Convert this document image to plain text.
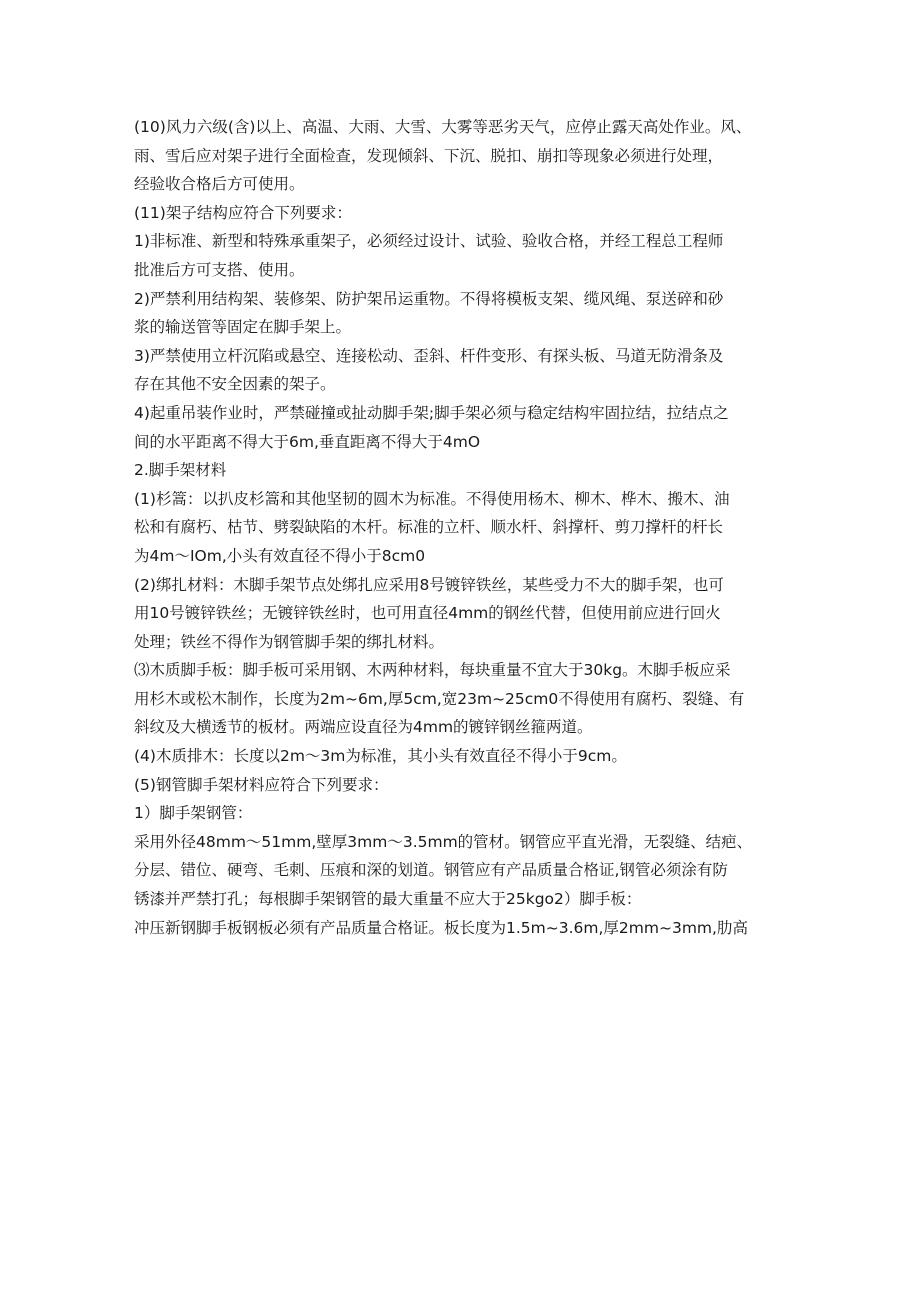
(10)风力六级(含)以上、高温、大雨、大雪、大雾等恶劣天气，应停止露天高处作业。风、
雨、雪后应对架子进行全面检查，发现倾斜、下沉、脱扣、崩扣等现象必须进行处理，
经验收合格后方可使用。
(11)架子结构应符合下列要求：
1)非标准、新型和特殊承重架子，必须经过设计、试验、验收合格，并经工程总工程师
批准后方可支搭、使用。
2)严禁利用结构架、装修架、防护架吊运重物。不得将模板支架、缆风绳、泵送碎和砂
浆的输送管等固定在脚手架上。
3)严禁使用立杆沉陷或悬空、连接松动、歪斜、杆件变形、有探头板、马道无防滑条及
存在其他不安全因素的架子。
4)起重吊装作业时，严禁碰撞或扯动脚手架;脚手架必须与稳定结构牢固拉结，拉结点之
间的水平距离不得大于6m,垂直距离不得大于4mO
2.脚手架材料
(1)杉篙：以扒皮杉篙和其他坚韧的圆木为标准。不得使用杨木、柳木、桦木、搬木、油
松和有腐朽、枯节、劈裂缺陷的木杆。标准的立杆、顺水杆、斜撑杆、剪刀撑杆的杆长
为4m～IOm,小头有效直径不得小于8cm0
(2)绑扎材料：木脚手架节点处绑扎应采用8号镀锌铁丝，某些受力不大的脚手架，也可
用10号镀锌铁丝；无镀锌铁丝时，也可用直径4mm的钢丝代替，但使用前应进行回火
处理；铁丝不得作为钢管脚手架的绑扎材料。
⑶木质脚手板：脚手板可采用钢、木两种材料，每块重量不宜大于30kg。木脚手板应采
用杉木或松木制作，长度为2m~6m,厚5cm,宽23m~25cm0不得使用有腐朽、裂缝、有
斜纹及大横透节的板材。两端应设直径为4mm的镀锌钢丝箍两道。
(4)木质排木：长度以2m～3m为标准，其小头有效直径不得小于9cm。
(5)钢管脚手架材料应符合下列要求：
1）脚手架钢管：
采用外径48mm～51mm,壁厚3mm～3.5mm的管材。钢管应平直光滑，无裂缝、结疤、
分层、错位、硬弯、毛刺、压痕和深的划道。钢管应有产品质量合格证,钢管必须涂有防
锈漆并严禁打孔；每根脚手架钢管的最大重量不应大于25kgo2）脚手板：
冲压新钢脚手板钢板必须有产品质量合格证。板长度为1.5m~3.6m,厚2mm~3mm,肋高
